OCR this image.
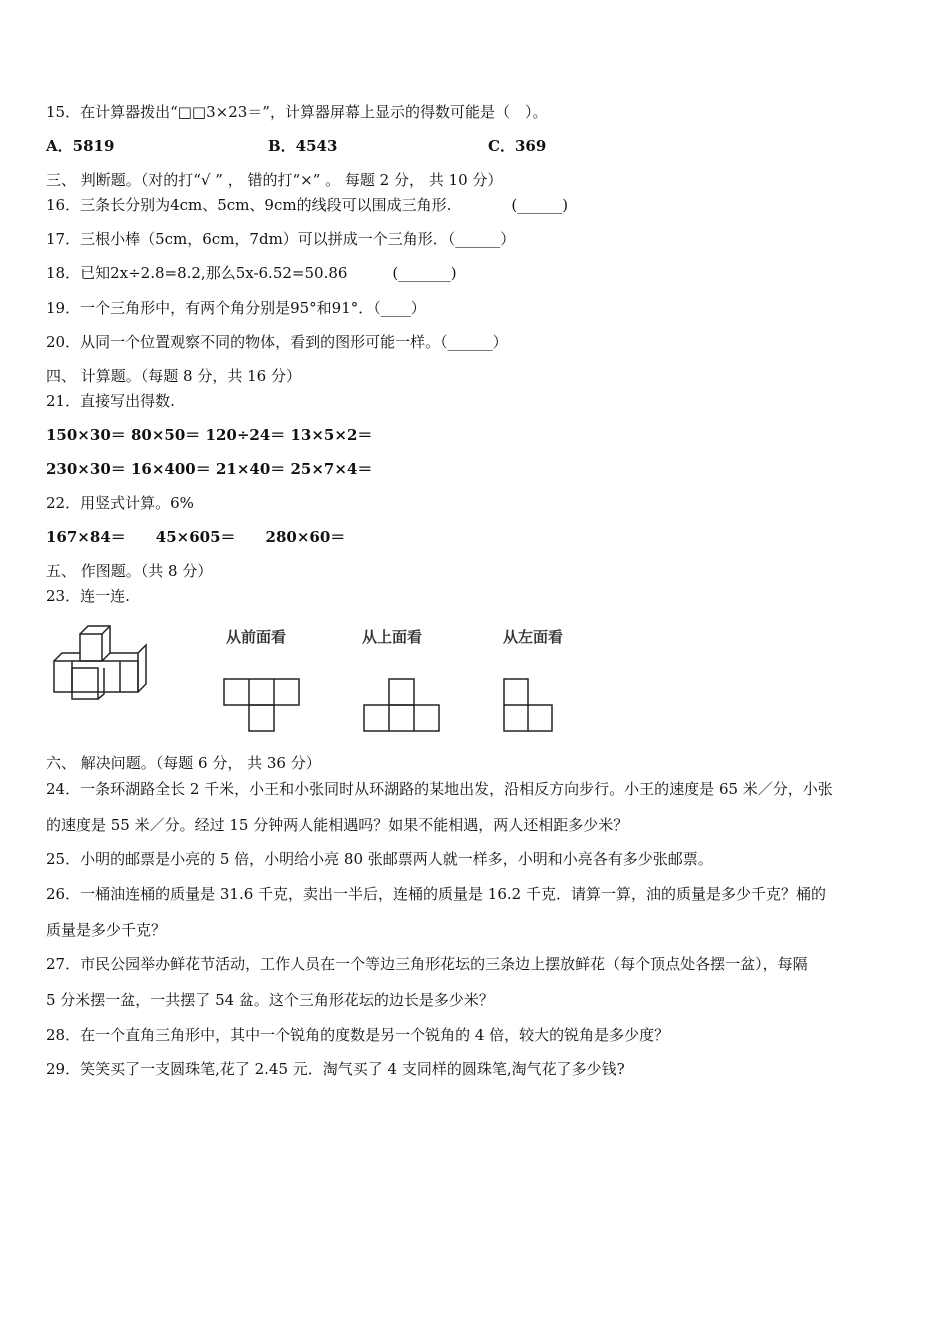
15．在计算器拨出“□□3×23＝”，计算器屏幕上显示的得数可能是（　）。
A．5819	B．4543	C．369
三、 判断题。（对的打“√ ” ， 错的打“×” 。 每题 2 分， 共 10 分）
16．三条长分别为4cm、5cm、9cm的线段可以围成三角形.　　　　(______)
17．三根小棒（5cm，6cm，7dm）可以拼成一个三角形．（______）
18．已知2x÷2.8=8.2,那么5x-6.52=50.86　　　(_______)
19．一个三角形中，有两个角分别是95°和91°．（____）
20．从同一个位置观察不同的物体，看到的图形可能一样。（______）
四、 计算题。（每题 8 分，共 16 分）
21．直接写出得数.
150×30＝ 80×50＝ 120÷24＝ 13×5×2＝
230×30＝ 16×400＝ 21×40＝ 25×7×4＝
22．用竖式计算。6%
167×84＝　　45×605＝　　280×60＝
五、 作图题。（共 8 分）
23．连一连.
从前面看	从上面看	从左面看
六、 解决问题。（每题 6 分， 共 36 分）
24．一条环湖路全长 2 千米，小王和小张同时从环湖路的某地出发，沿相反方向步行。小王的速度是 65 米／分，小张
的速度是 55 米／分。经过 15 分钟两人能相遇吗？如果不能相遇，两人还相距多少米？
25．小明的邮票是小亮的 5 倍，小明给小亮 80 张邮票两人就一样多，小明和小亮各有多少张邮票。
26．一桶油连桶的质量是 31.6 千克，卖出一半后，连桶的质量是 16.2 千克．请算一算，油的质量是多少千克？桶的
质量是多少千克？
27．市民公园举办鲜花节活动，工作人员在一个等边三角形花坛的三条边上摆放鲜花（每个顶点处各摆一盆），每隔
5 分米摆一盆，一共摆了 54 盆。这个三角形花坛的边长是多少米？
28．在一个直角三角形中，其中一个锐角的度数是另一个锐角的 4 倍，较大的锐角是多少度？
29．笑笑买了一支圆珠笔,花了 2.45 元．淘气买了 4 支同样的圆珠笔,淘气花了多少钱?
